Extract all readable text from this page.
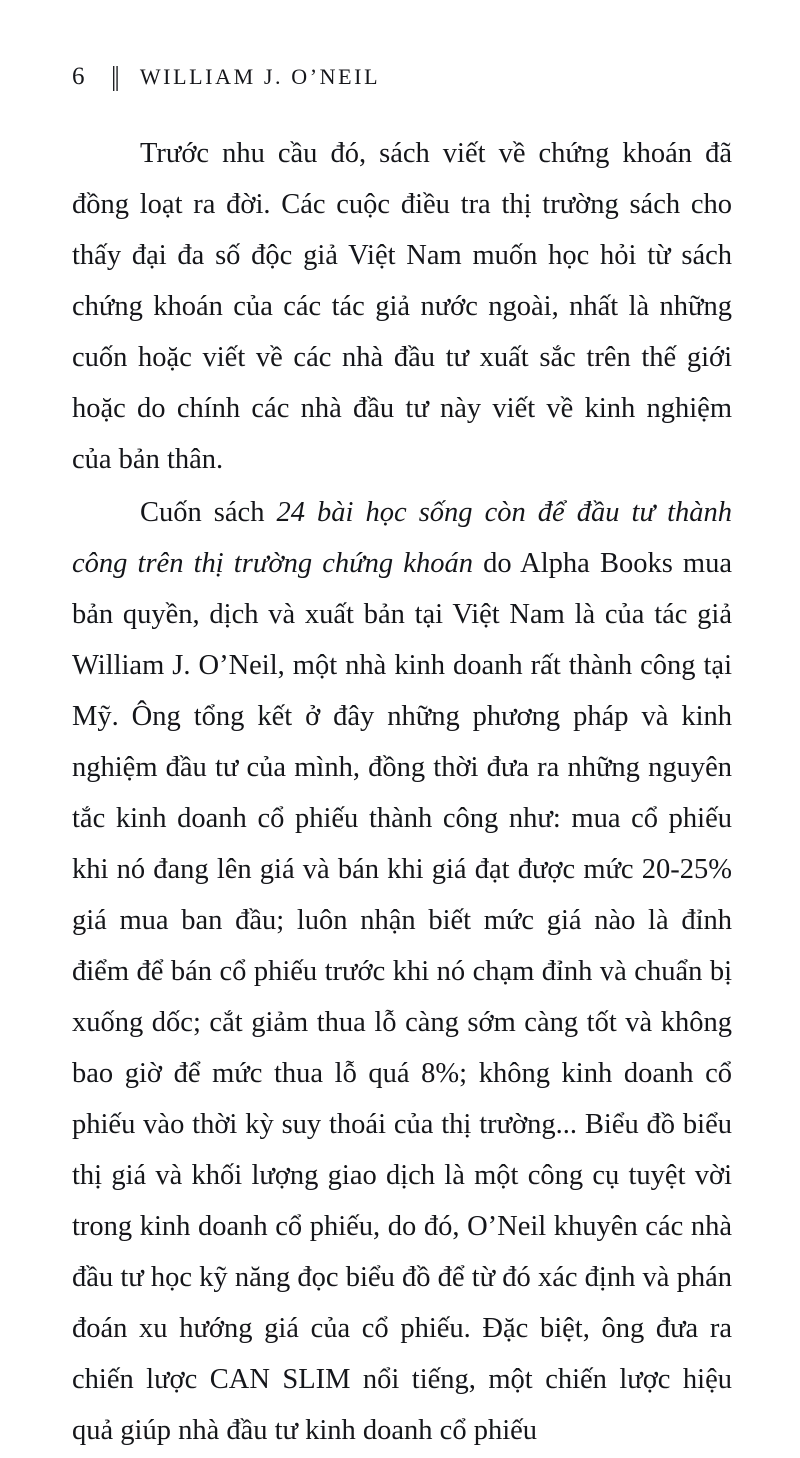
6 || WILLIAM J. O’NEIL

Trước nhu cầu đó, sách viết về chứng khoán đã đồng loạt ra đời. Các cuộc điều tra thị trường sách cho thấy đại đa số độc giả Việt Nam muốn học hỏi từ sách chứng khoán của các tác giả nước ngoài, nhất là những cuốn hoặc viết về các nhà đầu tư xuất sắc trên thế giới hoặc do chính các nhà đầu tư này viết về kinh nghiệm của bản thân.

Cuốn sách 24 bài học sống còn để đầu tư thành công trên thị trường chứng khoán do Alpha Books mua bản quyền, dịch và xuất bản tại Việt Nam là của tác giả William J. O’Neil, một nhà kinh doanh rất thành công tại Mỹ. Ông tổng kết ở đây những phương pháp và kinh nghiệm đầu tư của mình, đồng thời đưa ra những nguyên tắc kinh doanh cổ phiếu thành công như: mua cổ phiếu khi nó đang lên giá và bán khi giá đạt được mức 20-25% giá mua ban đầu; luôn nhận biết mức giá nào là đỉnh điểm để bán cổ phiếu trước khi nó chạm đỉnh và chuẩn bị xuống dốc; cắt giảm thua lỗ càng sớm càng tốt và không bao giờ để mức thua lỗ quá 8%; không kinh doanh cổ phiếu vào thời kỳ suy thoái của thị trường... Biểu đồ biểu thị giá và khối lượng giao dịch là một công cụ tuyệt vời trong kinh doanh cổ phiếu, do đó, O’Neil khuyên các nhà đầu tư học kỹ năng đọc biểu đồ để từ đó xác định và phán đoán xu hướng giá của cổ phiếu. Đặc biệt, ông đưa ra chiến lược CAN SLIM nổi tiếng, một chiến lược hiệu quả giúp nhà đầu tư kinh doanh cổ phiếu
